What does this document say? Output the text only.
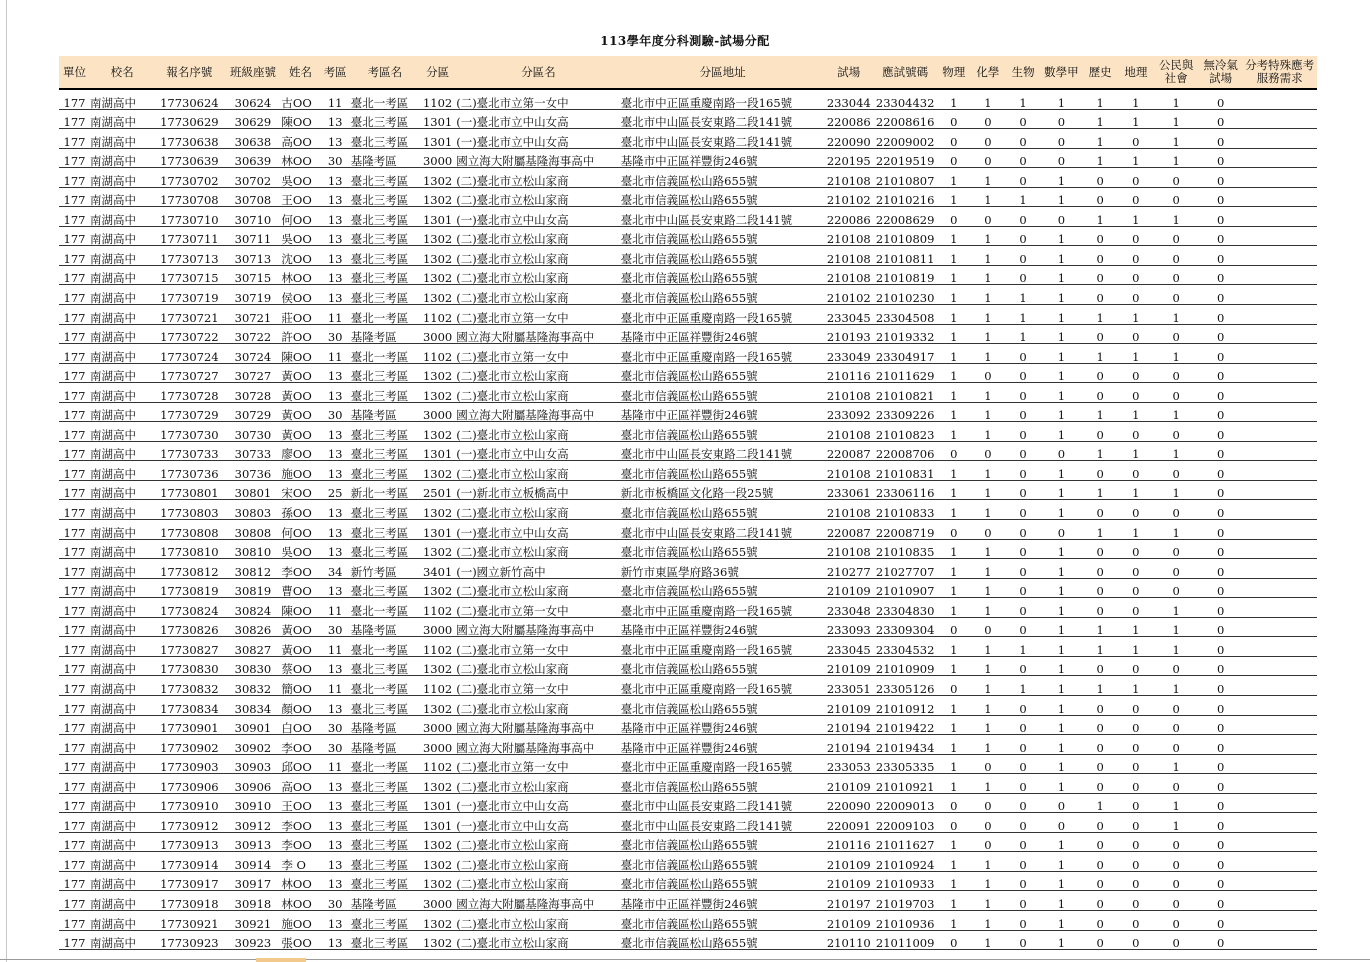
113學年度分科測驗-試場分配
單位	校名	報名序號	班級座號	姓名	考區	考區名	分區	分區名	分區地址	試場	應試號碼	物理	化學	生物	數學甲	歷史	地理	公民與社會	無冷氣試場	分考特殊應考服務需求
177	南湖高中	17730624	30624	古OO	11	臺北一考區	1102	(二)臺北市立第一女中	臺北市中正區重慶南路一段165號	233044	23304432	1	1	1	1	1	1	1	0	
177	南湖高中	17730629	30629	陳OO	13	臺北三考區	1301	(一)臺北市立中山女高	臺北市中山區長安東路二段141號	220086	22008616	0	0	0	0	1	1	1	0	
177	南湖高中	17730638	30638	高OO	13	臺北三考區	1301	(一)臺北市立中山女高	臺北市中山區長安東路二段141號	220090	22009002	0	0	0	0	1	0	1	0	
177	南湖高中	17730639	30639	林OO	30	基隆考區	3000	國立海大附屬基隆海事高中	基隆市中正區祥豐街246號	220195	22019519	0	0	0	0	1	1	1	0	
177	南湖高中	17730702	30702	吳OO	13	臺北三考區	1302	(二)臺北市立松山家商	臺北市信義區松山路655號	210108	21010807	1	1	0	1	0	0	0	0	
177	南湖高中	17730708	30708	王OO	13	臺北三考區	1302	(二)臺北市立松山家商	臺北市信義區松山路655號	210102	21010216	1	1	1	1	0	0	0	0	
177	南湖高中	17730710	30710	何OO	13	臺北三考區	1301	(一)臺北市立中山女高	臺北市中山區長安東路二段141號	220086	22008629	0	0	0	0	1	1	1	0	
177	南湖高中	17730711	30711	吳OO	13	臺北三考區	1302	(二)臺北市立松山家商	臺北市信義區松山路655號	210108	21010809	1	1	0	1	0	0	0	0	
177	南湖高中	17730713	30713	沈OO	13	臺北三考區	1302	(二)臺北市立松山家商	臺北市信義區松山路655號	210108	21010811	1	1	0	1	0	0	0	0	
177	南湖高中	17730715	30715	林OO	13	臺北三考區	1302	(二)臺北市立松山家商	臺北市信義區松山路655號	210108	21010819	1	1	0	1	0	0	0	0	
177	南湖高中	17730719	30719	侯OO	13	臺北三考區	1302	(二)臺北市立松山家商	臺北市信義區松山路655號	210102	21010230	1	1	1	1	0	0	0	0	
177	南湖高中	17730721	30721	莊OO	11	臺北一考區	1102	(二)臺北市立第一女中	臺北市中正區重慶南路一段165號	233045	23304508	1	1	1	1	1	1	1	0	
177	南湖高中	17730722	30722	許OO	30	基隆考區	3000	國立海大附屬基隆海事高中	基隆市中正區祥豐街246號	210193	21019332	1	1	1	1	0	0	0	0	
177	南湖高中	17730724	30724	陳OO	11	臺北一考區	1102	(二)臺北市立第一女中	臺北市中正區重慶南路一段165號	233049	23304917	1	1	0	1	1	1	1	0	
177	南湖高中	17730727	30727	黃OO	13	臺北三考區	1302	(二)臺北市立松山家商	臺北市信義區松山路655號	210116	21011629	1	0	0	1	0	0	0	0	
177	南湖高中	17730728	30728	黃OO	13	臺北三考區	1302	(二)臺北市立松山家商	臺北市信義區松山路655號	210108	21010821	1	1	0	1	0	0	0	0	
177	南湖高中	17730729	30729	黃OO	30	基隆考區	3000	國立海大附屬基隆海事高中	基隆市中正區祥豐街246號	233092	23309226	1	1	0	1	1	1	1	0	
177	南湖高中	17730730	30730	黃OO	13	臺北三考區	1302	(二)臺北市立松山家商	臺北市信義區松山路655號	210108	21010823	1	1	0	1	0	0	0	0	
177	南湖高中	17730733	30733	廖OO	13	臺北三考區	1301	(一)臺北市立中山女高	臺北市中山區長安東路二段141號	220087	22008706	0	0	0	0	1	1	1	0	
177	南湖高中	17730736	30736	施OO	13	臺北三考區	1302	(二)臺北市立松山家商	臺北市信義區松山路655號	210108	21010831	1	1	0	1	0	0	0	0	
177	南湖高中	17730801	30801	宋OO	25	新北一考區	2501	(一)新北市立板橋高中	新北市板橋區文化路一段25號	233061	23306116	1	1	0	1	1	1	1	0	
177	南湖高中	17730803	30803	孫OO	13	臺北三考區	1302	(二)臺北市立松山家商	臺北市信義區松山路655號	210108	21010833	1	1	0	1	0	0	0	0	
177	南湖高中	17730808	30808	何OO	13	臺北三考區	1301	(一)臺北市立中山女高	臺北市中山區長安東路二段141號	220087	22008719	0	0	0	0	1	1	1	0	
177	南湖高中	17730810	30810	吳OO	13	臺北三考區	1302	(二)臺北市立松山家商	臺北市信義區松山路655號	210108	21010835	1	1	0	1	0	0	0	0	
177	南湖高中	17730812	30812	李OO	34	新竹考區	3401	(一)國立新竹高中	新竹市東區學府路36號	210277	21027707	1	1	0	1	0	0	0	0	
177	南湖高中	17730819	30819	曹OO	13	臺北三考區	1302	(二)臺北市立松山家商	臺北市信義區松山路655號	210109	21010907	1	1	0	1	0	0	0	0	
177	南湖高中	17730824	30824	陳OO	11	臺北一考區	1102	(二)臺北市立第一女中	臺北市中正區重慶南路一段165號	233048	23304830	1	1	0	1	0	0	1	0	
177	南湖高中	17730826	30826	黃OO	30	基隆考區	3000	國立海大附屬基隆海事高中	基隆市中正區祥豐街246號	233093	23309304	0	0	0	1	1	1	1	0	
177	南湖高中	17730827	30827	黃OO	11	臺北一考區	1102	(二)臺北市立第一女中	臺北市中正區重慶南路一段165號	233045	23304532	1	1	1	1	1	1	1	0	
177	南湖高中	17730830	30830	蔡OO	13	臺北三考區	1302	(二)臺北市立松山家商	臺北市信義區松山路655號	210109	21010909	1	1	0	1	0	0	0	0	
177	南湖高中	17730832	30832	簡OO	11	臺北一考區	1102	(二)臺北市立第一女中	臺北市中正區重慶南路一段165號	233051	23305126	0	1	1	1	1	1	1	0	
177	南湖高中	17730834	30834	顏OO	13	臺北三考區	1302	(二)臺北市立松山家商	臺北市信義區松山路655號	210109	21010912	1	1	0	1	0	0	0	0	
177	南湖高中	17730901	30901	白OO	30	基隆考區	3000	國立海大附屬基隆海事高中	基隆市中正區祥豐街246號	210194	21019422	1	1	0	1	0	0	0	0	
177	南湖高中	17730902	30902	李OO	30	基隆考區	3000	國立海大附屬基隆海事高中	基隆市中正區祥豐街246號	210194	21019434	1	1	0	1	0	0	0	0	
177	南湖高中	17730903	30903	邱OO	11	臺北一考區	1102	(二)臺北市立第一女中	臺北市中正區重慶南路一段165號	233053	23305335	1	0	0	1	0	0	1	0	
177	南湖高中	17730906	30906	高OO	13	臺北三考區	1302	(二)臺北市立松山家商	臺北市信義區松山路655號	210109	21010921	1	1	0	1	0	0	0	0	
177	南湖高中	17730910	30910	王OO	13	臺北三考區	1301	(一)臺北市立中山女高	臺北市中山區長安東路二段141號	220090	22009013	0	0	0	0	1	0	1	0	
177	南湖高中	17730912	30912	李OO	13	臺北三考區	1301	(一)臺北市立中山女高	臺北市中山區長安東路二段141號	220091	22009103	0	0	0	0	0	0	1	0	
177	南湖高中	17730913	30913	李OO	13	臺北三考區	1302	(二)臺北市立松山家商	臺北市信義區松山路655號	210116	21011627	1	0	0	1	0	0	0	0	
177	南湖高中	17730914	30914	李 O	13	臺北三考區	1302	(二)臺北市立松山家商	臺北市信義區松山路655號	210109	21010924	1	1	0	1	0	0	0	0	
177	南湖高中	17730917	30917	林OO	13	臺北三考區	1302	(二)臺北市立松山家商	臺北市信義區松山路655號	210109	21010933	1	1	0	1	0	0	0	0	
177	南湖高中	17730918	30918	林OO	30	基隆考區	3000	國立海大附屬基隆海事高中	基隆市中正區祥豐街246號	210197	21019703	1	1	0	1	0	0	0	0	
177	南湖高中	17730921	30921	施OO	13	臺北三考區	1302	(二)臺北市立松山家商	臺北市信義區松山路655號	210109	21010936	1	1	0	1	0	0	0	0	
177	南湖高中	17730923	30923	張OO	13	臺北三考區	1302	(二)臺北市立松山家商	臺北市信義區松山路655號	210110	21011009	0	1	0	1	0	0	0	0	
